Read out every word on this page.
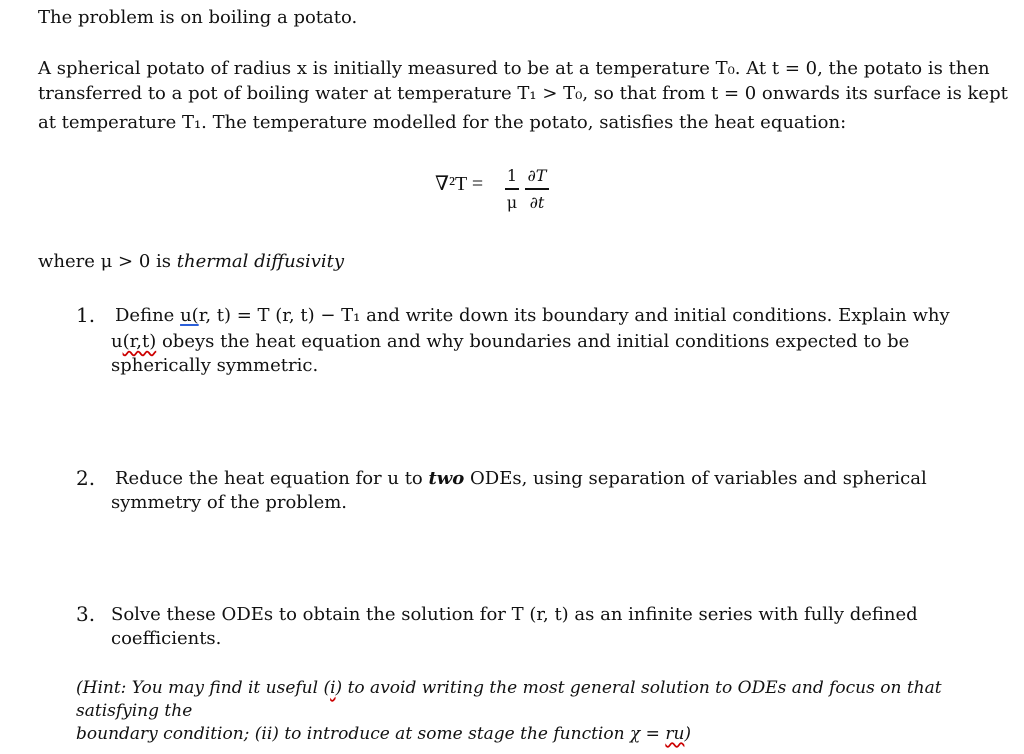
The problem is on boiling a potato.
A spherical potato of radius x is initially measured to be at a temperature T₀. At t = 0, the potato is then
transferred to a pot of boiling water at temperature T₁ > T₀, so that from t = 0 onwards its surface is kept
at temperature T₁. The temperature modelled for the potato, satisfies the heat equation:
∇²T = 1
μ
∂T
∂t
where μ > 0 is thermal diffusivity
1. Define u(r, t) = T (r, t) − T₁ and write down its boundary and initial conditions. Explain why
u(r,t) obeys the heat equation and why boundaries and initial conditions expected to be
spherically symmetric.
2. Reduce the heat equation for u to two ODEs, using separation of variables and spherical
symmetry of the problem.
3. Solve these ODEs to obtain the solution for T (r, t) as an infinite series with fully defined
coefficients.
(Hint: You may find it useful (i) to avoid writing the most general solution to ODEs and focus on that satisfying the
boundary condition; (ii) to introduce at some stage the function χ = ru)
